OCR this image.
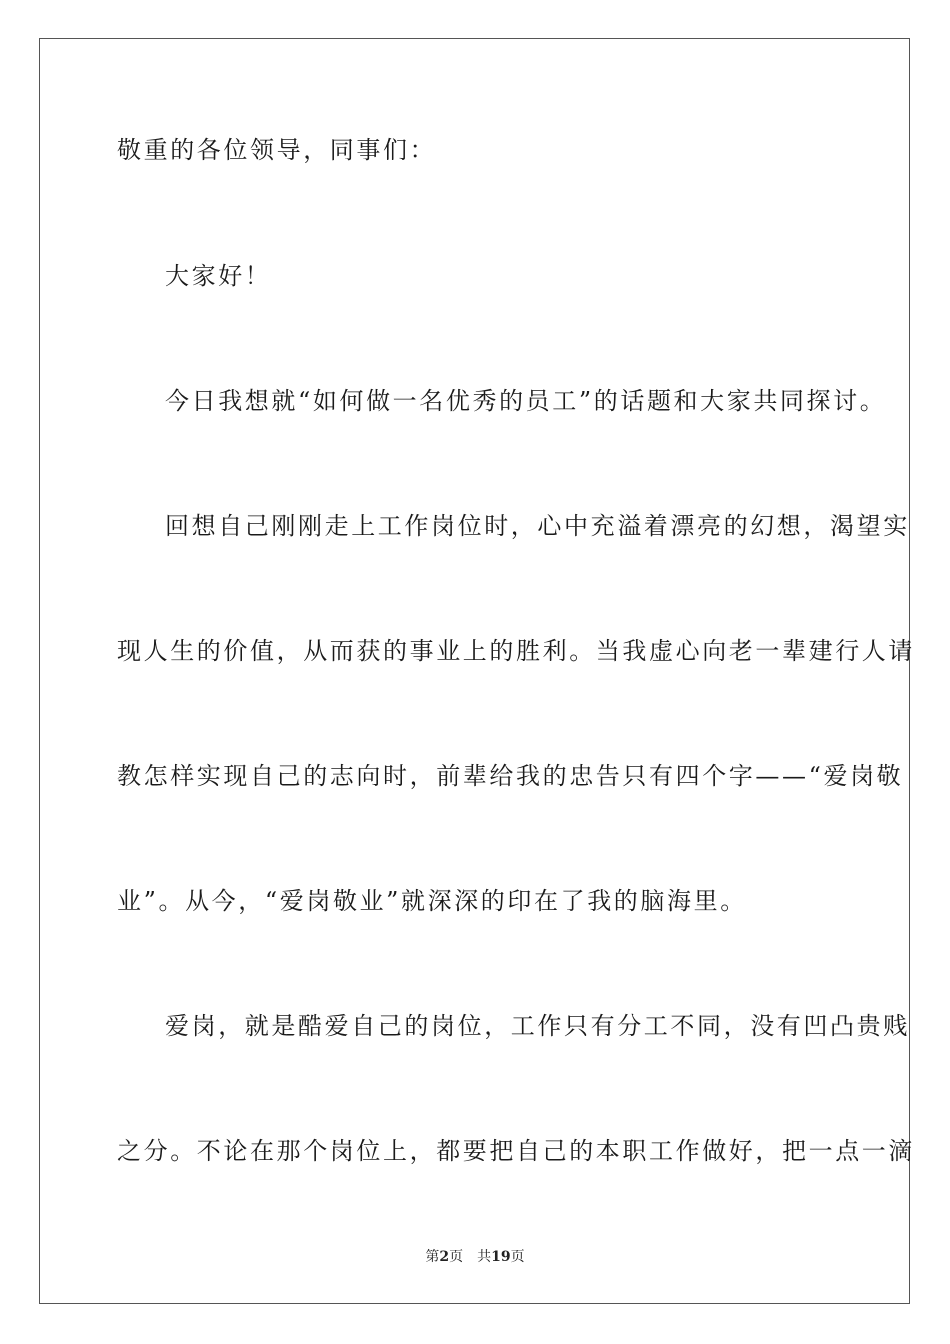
敬重的各位领导，同事们：

大家好！

今日我想就“如何做一名优秀的员工”的话题和大家共同探讨。

回想自己刚刚走上工作岗位时，心中充溢着漂亮的幻想，渴望实

现人生的价值，从而获的事业上的胜利。当我虚心向老一辈建行人请

教怎样实现自己的志向时，前辈给我的忠告只有四个字——“爱岗敬

业”。从今，“爱岗敬业”就深深的印在了我的脑海里。

爱岗，就是酷爱自己的岗位，工作只有分工不同，没有凹凸贵贱

之分。不论在那个岗位上，都要把自己的本职工作做好，把一点一滴

第2页 共19页
